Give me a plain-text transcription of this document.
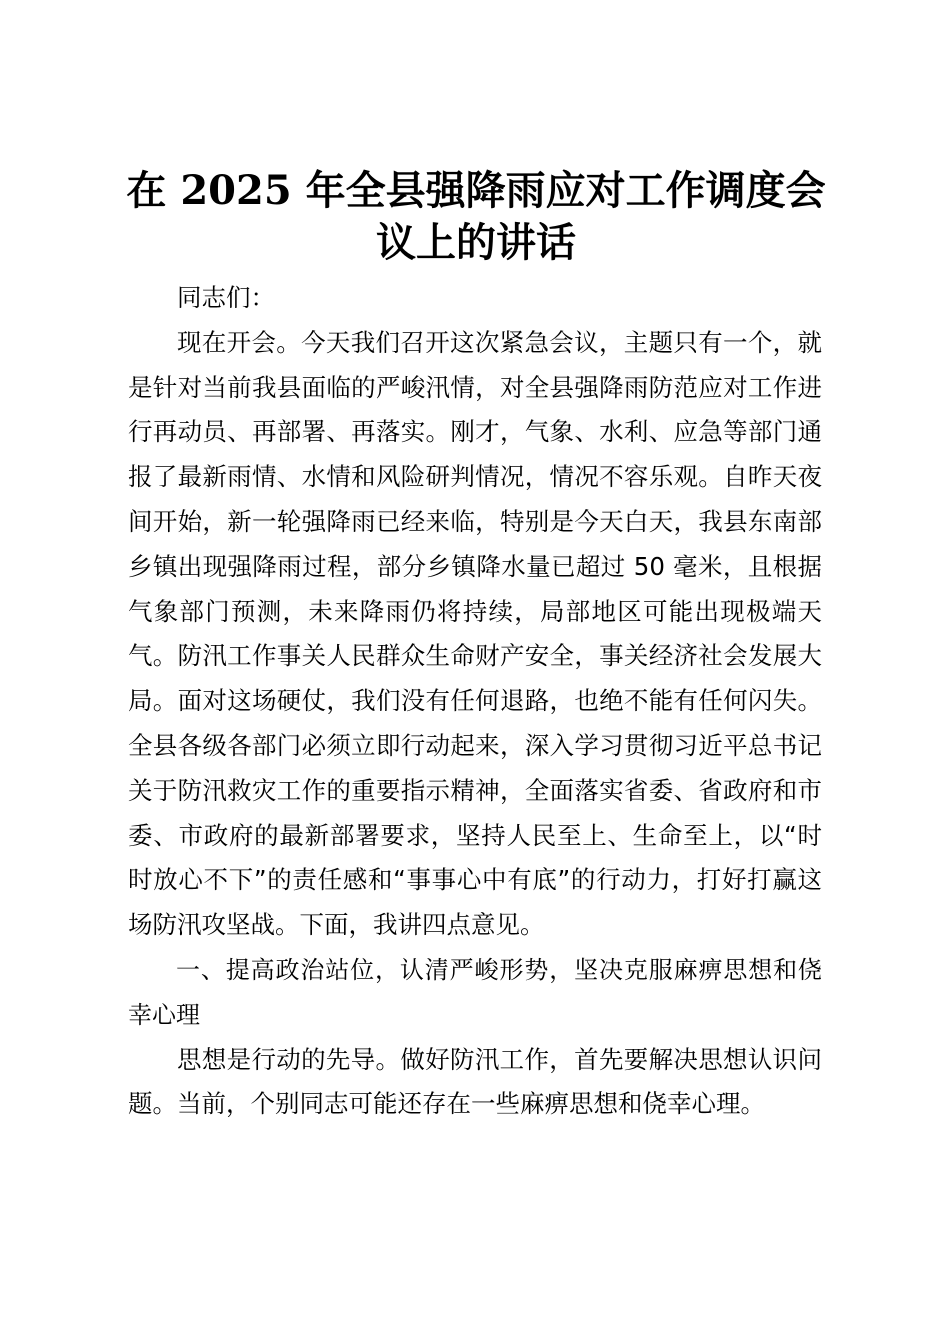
在 2025 年全县强降雨应对工作调度会议上的讲话

同志们：

现在开会。今天我们召开这次紧急会议，主题只有一个，就是针对当前我县面临的严峻汛情，对全县强降雨防范应对工作进行再动员、再部署、再落实。刚才，气象、水利、应急等部门通报了最新雨情、水情和风险研判情况，情况不容乐观。自昨天夜间开始，新一轮强降雨已经来临，特别是今天白天，我县东南部乡镇出现强降雨过程，部分乡镇降水量已超过 50 毫米，且根据气象部门预测，未来降雨仍将持续，局部地区可能出现极端天气。防汛工作事关人民群众生命财产安全，事关经济社会发展大局。面对这场硬仗，我们没有任何退路，也绝不能有任何闪失。全县各级各部门必须立即行动起来，深入学习贯彻习近平总书记关于防汛救灾工作的重要指示精神，全面落实省委、省政府和市委、市政府的最新部署要求，坚持人民至上、生命至上，以“时时放心不下”的责任感和“事事心中有底”的行动力，打好打赢这场防汛攻坚战。下面，我讲四点意见。

一、提高政治站位，认清严峻形势，坚决克服麻痹思想和侥幸心理

思想是行动的先导。做好防汛工作，首先要解决思想认识问题。当前，个别同志可能还存在一些麻痹思想和侥幸心理。
